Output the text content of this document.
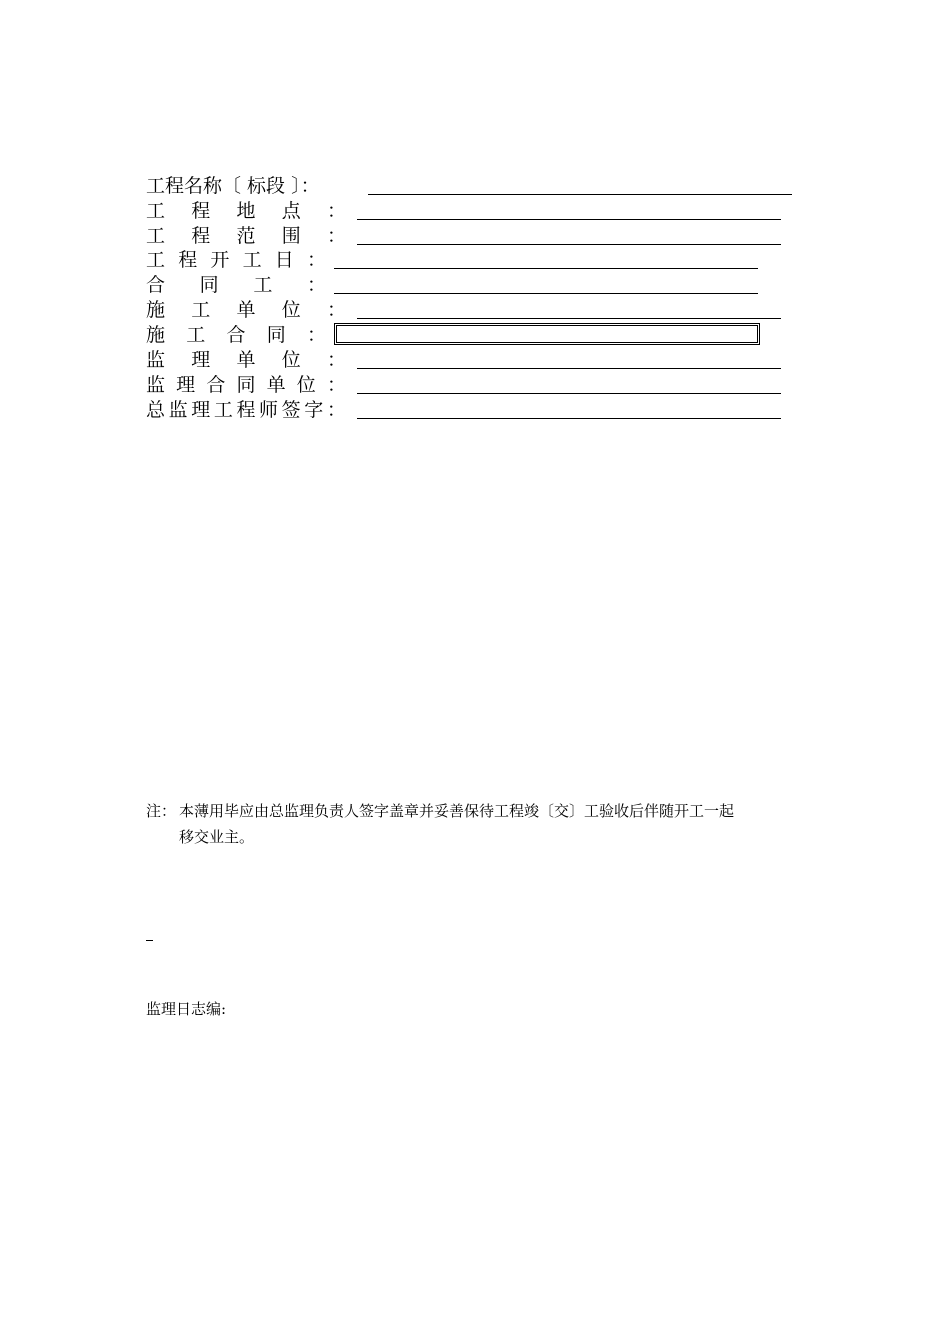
工程名称〔 标段 〕：
工 程 地 点 ：
工 程 范 围 ：
工 程 开 工 日 ：
合 同 工 ：
施 工 单 位 ：
施 工 合 同 ：
监 理 单 位 ：
监 理 合 同 单 位 ：
总 监 理 工 程 师 签 字 ：
注： 本薄用毕应由总监理负责人签字盖章并妥善保待工程竣〔交〕工验收后伴随开工一起
移交业主。
监理日志编:
